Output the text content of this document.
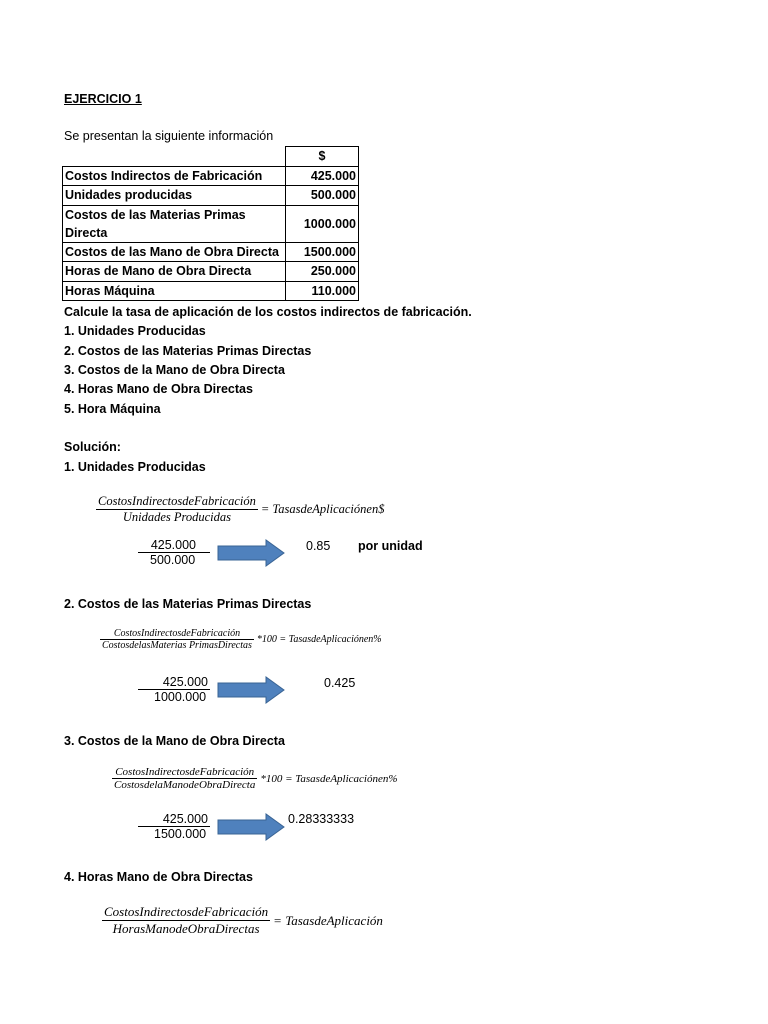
EJERCICIO 1
Se presentan la siguiente información
	$
Costos Indirectos de Fabricación	425.000
Unidades producidas	500.000
Costos de las Materias Primas Directa	1000.000
Costos de las Mano de Obra Directa	1500.000
Horas de Mano de Obra Directa	250.000
Horas Máquina	110.000
Calcule la tasa de aplicación de los costos indirectos de fabricación.
1. Unidades Producidas
2. Costos de las Materias Primas Directas
3. Costos de la Mano de Obra Directa
4. Horas Mano de Obra Directas
5. Hora Máquina
Solución:
1. Unidades Producidas
$\frac{\text{CostosIndirectosdeFabricación}}{\text{Unidades Producidas}}$ = TasasdeAplicaciónen$
425.000
500.000
0.85 por unidad
2. Costos de las Materias Primas Directas
$\frac{\text{CostosIndirectosdeFabricación}}{\text{CostosdelasMaterias PrimasDirectas}} *100$ = TasasdeAplicaciónen%
425.000
1000.000
0.425
3. Costos de la Mano de Obra Directa
$\frac{\text{CostosIndirectosdeFabricación}}{\text{CostosdelaManodeObraDirecta}} *100$ = TasasdeAplicaciónen%
425.000
1500.000
0.28333333
4. Horas Mano de Obra Directas
$\frac{\text{CostosIndirectosdeFabricación}}{\text{HorasManodeObraDirectas}}$ = TasasdeAplicación
